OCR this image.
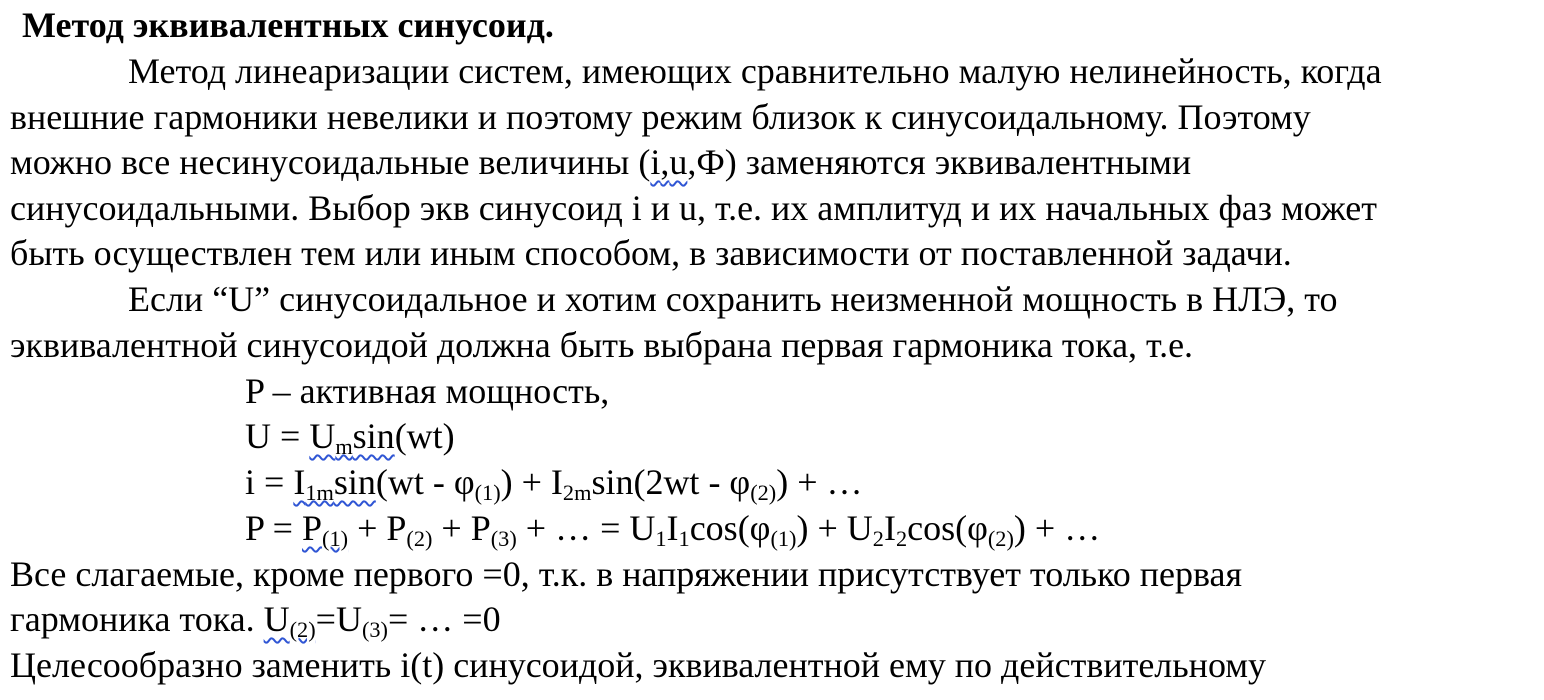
Метод эквивалентных синусоид.
Метод линеаризации систем, имеющих сравнительно малую нелинейность, когда
внешние гармоники невелики и поэтому режим близок к синусоидальному. Поэтому
можно все несинусоидальные величины (i,u,Ф) заменяются эквивалентными
синусоидальными. Выбор экв синусоид i и u, т.е. их амплитуд и их начальных фаз может
быть осуществлен тем или иным способом, в зависимости от поставленной задачи.
Если “U” синусоидальное и хотим сохранить неизменной мощность в НЛЭ, то
эквивалентной синусоидой должна быть выбрана первая гармоника тока, т.е.
P – активная мощность,
$U = U_m\sin(wt)$
$i = I_{1m}\sin(wt - \varphi_{(1)}) + I_{2m}\sin(2wt - \varphi_{(2)})$ + …
$P = P_{(1)} + P_{(2)} + P_{(3)}$ + … = $U_1I_1\cos(\varphi_{(1)}) + U_2I_2\cos(\varphi_{(2)})$ + …
Все слагаемые, кроме первого =0, т.к. в напряжении присутствует только первая
гармоника тока. $U_{(2)}=U_{(3)}=$ … =0
Целесообразно заменить i(t) синусоидой, эквивалентной ему по действительному
